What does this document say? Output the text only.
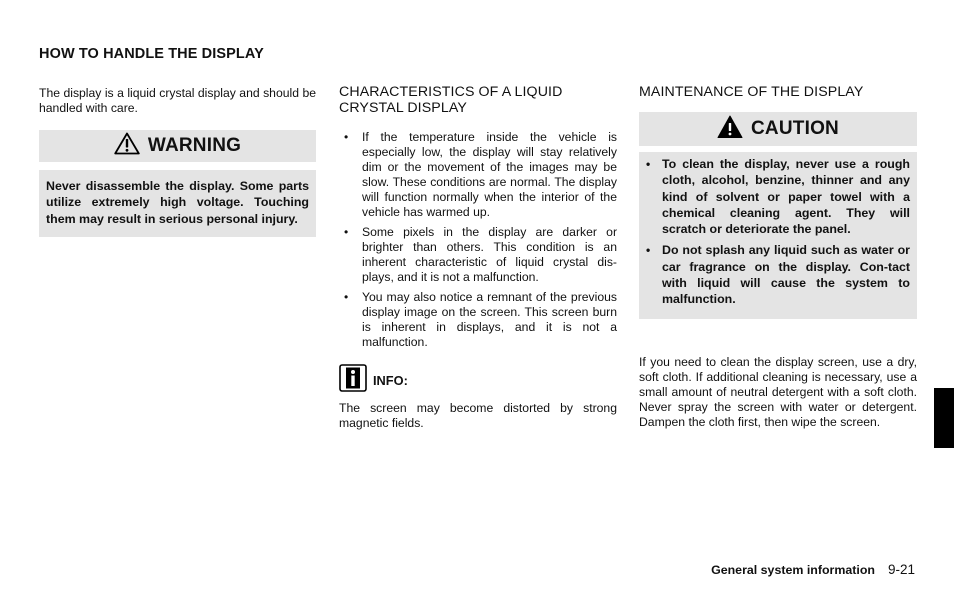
HOW TO HANDLE THE DISPLAY

The display is a liquid crystal display and should be handled with care.

WARNING
Never disassemble the display. Some parts utilize extremely high voltage. Touching them may result in serious personal injury.
CHARACTERISTICS OF A LIQUID CRYSTAL DISPLAY
• If the temperature inside the vehicle is especially low, the display will stay relatively dim or the movement of the images may be slow. These conditions are normal. The display will function normally when the interior of the vehicle has warmed up.
• Some pixels in the display are darker or brighter than others. This condition is an inherent characteristic of liquid crystal dis-plays, and it is not a malfunction.
• You may also notice a remnant of the previous display image on the screen. This screen burn is inherent in displays, and it is not a malfunction.
INFO:

The screen may become distorted by strong magnetic fields.

MAINTENANCE OF THE DISPLAY
CAUTION
• To clean the display, never use a rough cloth, alcohol, benzine, thinner and any kind of solvent or paper towel with a chemical cleaning agent. They will scratch or deteriorate the panel.
• Do not splash any liquid such as water or car fragrance on the display. Con-tact with liquid will cause the system to malfunction.

If you need to clean the display screen, use a dry, soft cloth. If additional cleaning is necessary, use a small amount of neutral detergent with a soft cloth. Never spray the screen with water or detergent. Dampen the cloth first, then wipe the screen.

General system information 9-21
